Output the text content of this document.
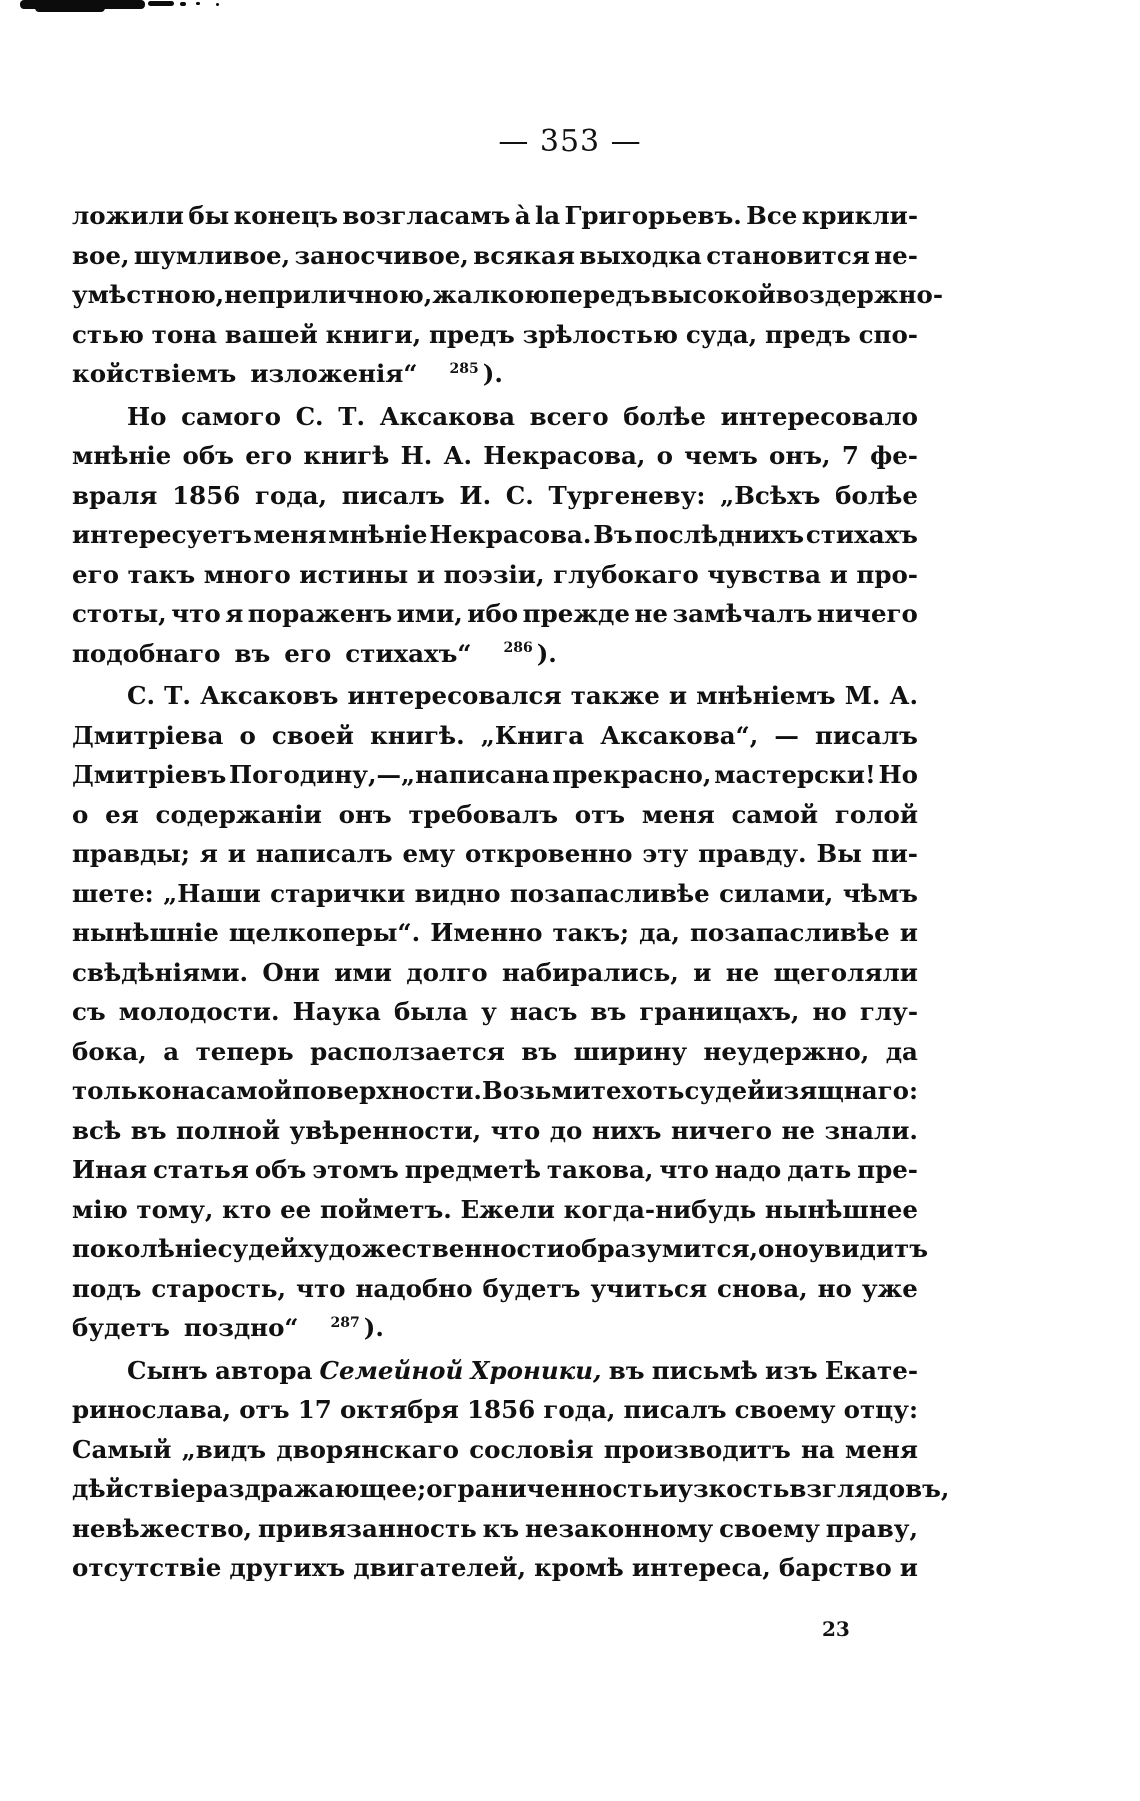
— 353 —
ложили бы конецъ возгласамъ à la Григорьевъ. Все крикли-
вое, шумливое, заносчивое, всякая выходка становится не-
умѣстною, неприличною, жалкою передъ высокой воздержно-
стью тона вашей книги, предъ зрѣлостью суда, предъ спо-
койствіемъ изложенія“	$^{285}$ ).
Но самого С. Т. Аксакова всего болѣе интересовало
мнѣніе объ его книгѣ Н. А. Некрасова, о чемъ онъ, 7 фе-
враля 1856 года, писалъ И. С. Тургеневу: „Всѣхъ болѣе
интересуетъ меня мнѣніе Некрасова. Въ послѣднихъ стихахъ
его такъ много истины и поэзіи, глубокаго чувства и про-
стоты, что я пораженъ ими, ибо прежде не замѣчалъ ничего
подобнаго въ его стихахъ“	$^{286}$ ).
С. Т. Аксаковъ интересовался также и мнѣніемъ М. А.
Дмитріева о своей книгѣ. „Книга Аксакова“, — писалъ
Дмитріевъ Погодину,—„написана прекрасно, мастерски! Но
о ея содержаніи онъ требовалъ отъ меня самой голой
правды; я и написалъ ему откровенно эту правду. Вы пи-
шете: „Наши старички видно позапасливѣе силами, чѣмъ
нынѣшніе щелкоперы“. Именно такъ; да, позапасливѣе и
свѣдѣніями. Они ими долго набирались, и не щеголяли
съ молодости. Наука была у насъ въ границахъ, но глу-
бока, а теперь расползается въ ширину неудержно, да
только на самой поверхности. Возьмите хоть судей изящнаго:
всѣ въ полной увѣренности, что до нихъ ничего не знали.
Иная статья объ этомъ предметѣ такова, что надо дать пре-
мію тому, кто ее пойметъ. Ежели когда-нибудь нынѣшнее
поколѣніе судей художественности образумится, оно увидитъ
подъ старость, что надобно будетъ учиться снова, но уже
будетъ поздно“	$^{287}$ ).
Сынъ автора Семейной Хроники, въ письмѣ изъ Екате-
ринослава, отъ 17 октября 1856 года, писалъ своему отцу:
Самый „видъ дворянскаго сословія производитъ на меня
дѣйствіе раздражающее; ограниченность и узкость взглядовъ,
невѣжество, привязанность къ незаконному своему праву,
отсутствіе другихъ двигателей, кромѣ интереса, барство и
23
